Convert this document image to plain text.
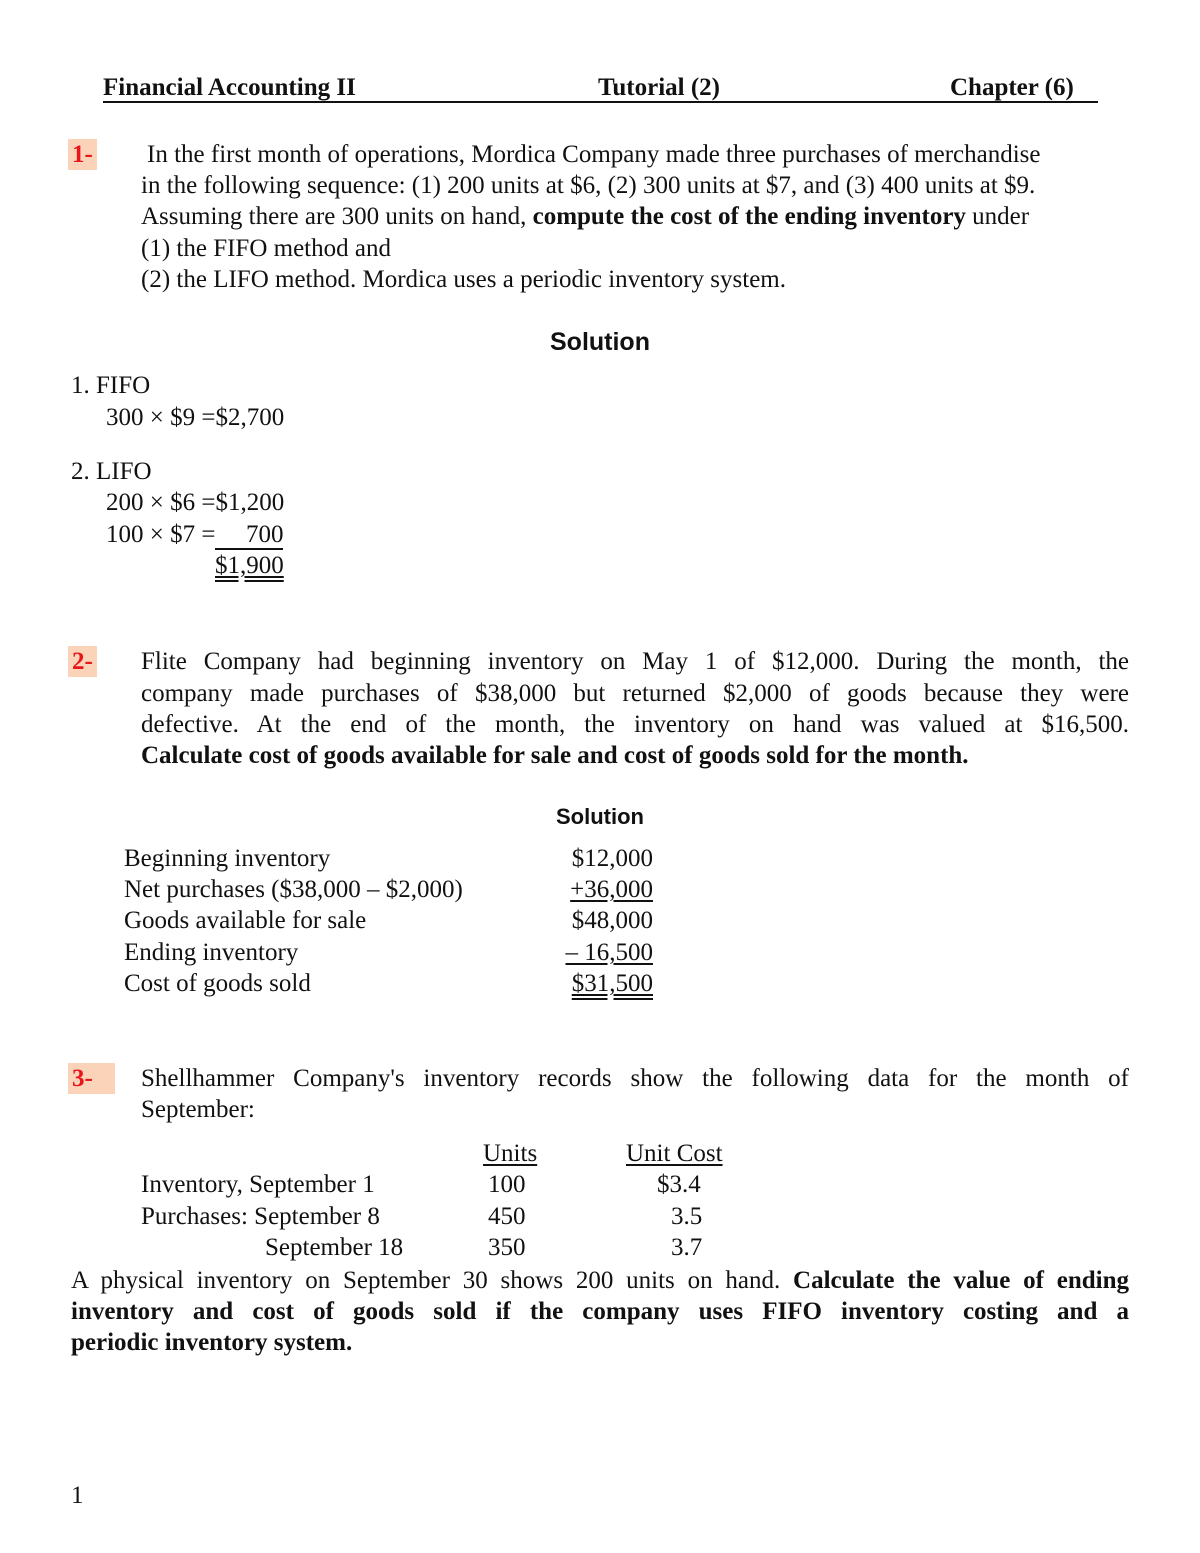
Financial Accounting II	Tutorial (2)	Chapter (6)
1- In the first month of operations, Mordica Company made three purchases of merchandise
in the following sequence: (1) 200 units at $6, (2) 300 units at $7, and (3) 400 units at $9.
Assuming there are 300 units on hand, compute the cost of the ending inventory under
(1) the FIFO method and
(2) the LIFO method. Mordica uses a periodic inventory system.
Solution
1. FIFO
300 × $9 =$2,700
2. LIFO
200 × $6 =$1,200
100 × $7 = 700
$1,900
2- Flite Company had beginning inventory on May 1 of $12,000. During the month, the
company made purchases of $38,000 but returned $2,000 of goods because they were
defective. At the end of the month, the inventory on hand was valued at $16,500.
Calculate cost of goods available for sale and cost of goods sold for the month.
Solution
Beginning inventory	$12,000
Net purchases ($38,000 – $2,000)	+36,000
Goods available for sale	$48,000
Ending inventory	– 16,500
Cost of goods sold	$31,500
3-	Shellhammer Company's inventory records show the following data for the month of
September:
Units	Unit Cost
Inventory, September 1	100	$3.4
Purchases: September 8	450	3.5
September 18	350	3.7
A physical inventory on September 30 shows 200 units on hand. Calculate the value of ending
inventory and cost of goods sold if the company uses FIFO inventory costing and a
periodic inventory system.
1
